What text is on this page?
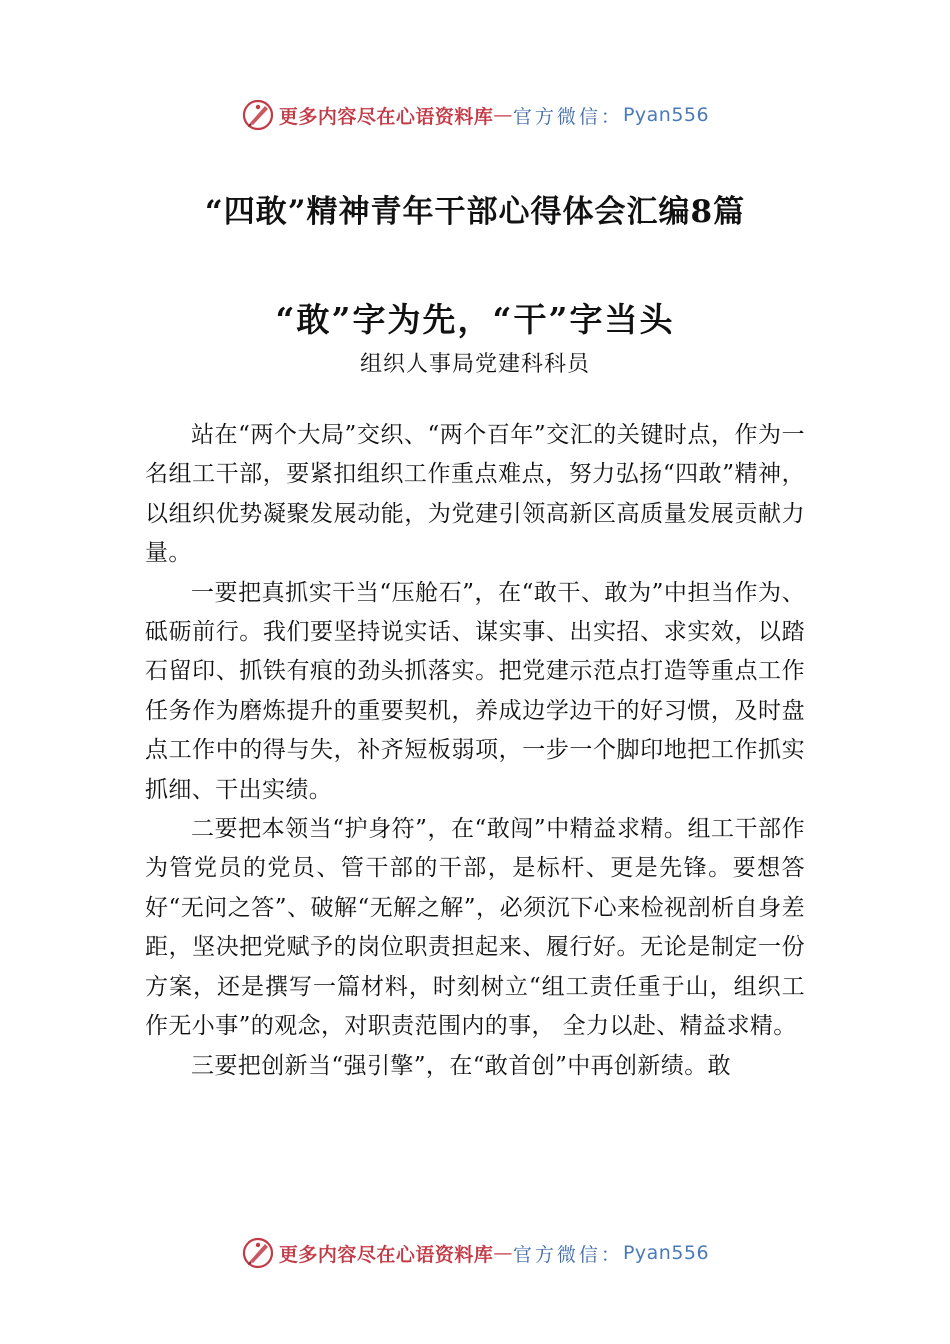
更多内容尽在心语资料库 — 官方微信： Pyan556
“四敢”精神青年干部心得体会汇编8篇
“敢”字为先，“干”字当头
组织人事局党建科科员

站在“两个大局”交织、“两个百年”交汇的关键时点，作为一名组工干部，要紧扣组织工作重点难点，努力弘扬“四敢”精神，以组织优势凝聚发展动能，为党建引领高新区高质量发展贡献力量。

一要把真抓实干当“压舱石”，在“敢干、敢为”中担当作为、砥砺前行。我们要坚持说实话、谋实事、出实招、求实效，以踏石留印、抓铁有痕的劲头抓落实。把党建示范点打造等重点工作任务作为磨炼提升的重要契机，养成边学边干的好习惯，及时盘点工作中的得与失，补齐短板弱项，一步一个脚印地把工作抓实抓细、干出实绩。

二要把本领当“护身符”，在“敢闯”中精益求精。组工干部作为管党员的党员、管干部的干部，是标杆、更是先锋。要想答好“无问之答”、破解“无解之解”，必须沉下心来检视剖析自身差距，坚决把党赋予的岗位职责担起来、履行好。无论是制定一份方案，还是撰写一篇材料，时刻树立“组工责任重于山，组织工作无小事”的观念，对职责范围内的事， 全力以赴、精益求精。

三要把创新当“强引擎”，在“敢首创”中再创新绩。敢

更多内容尽在心语资料库 — 官方微信： Pyan556
